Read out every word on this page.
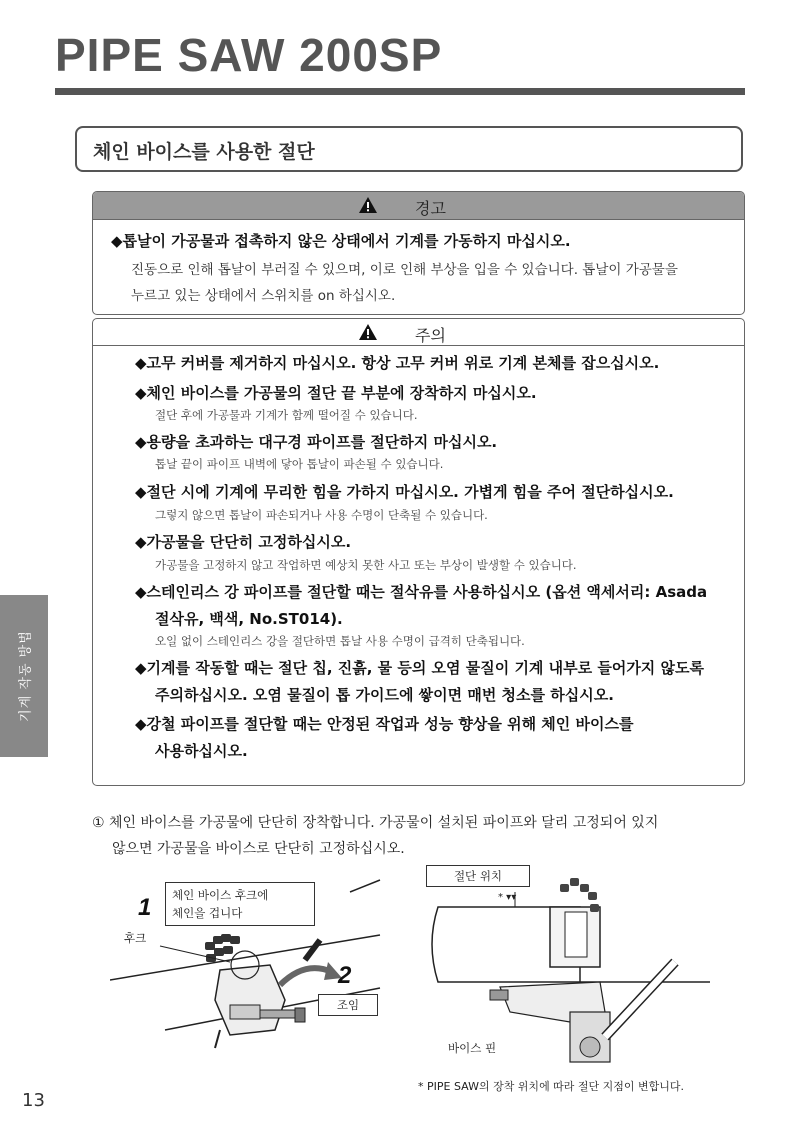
PIPE SAW 200SP
체인 바이스를 사용한 절단
경고
◆톱날이 가공물과 접촉하지 않은 상태에서 기계를 가동하지 마십시오.
진동으로 인해 톱날이 부러질 수 있으며, 이로 인해 부상을 입을 수 있습니다. 톱날이 가공물을
누르고 있는 상태에서 스위치를 on 하십시오.
주의
◆고무 커버를 제거하지 마십시오. 항상 고무 커버 위로 기계 본체를 잡으십시오.
◆체인 바이스를 가공물의 절단 끝 부분에 장착하지 마십시오.
절단 후에 가공물과 기계가 함께 떨어질 수 있습니다.
◆용량을 초과하는 대구경 파이프를 절단하지 마십시오.
톱날 끝이 파이프 내벽에 닿아 톱날이 파손될 수 있습니다.
◆절단 시에 기계에 무리한 힘을 가하지 마십시오. 가볍게 힘을 주어 절단하십시오.
그렇지 않으면 톱날이 파손되거나 사용 수명이 단축될 수 있습니다.
◆가공물을 단단히 고정하십시오.
가공물을 고정하지 않고 작업하면 예상치 못한 사고 또는 부상이 발생할 수 있습니다.
◆스테인리스 강 파이프를 절단할 때는 절삭유를 사용하십시오 (옵션 액세서리: Asada
절삭유, 백색, No.ST014).
오일 없이 스테인리스 강을 절단하면 톱날 사용 수명이 급격히 단축됩니다.
◆기계를 작동할 때는 절단 칩, 진흙, 물 등의 오염 물질이 기계 내부로 들어가지 않도록
주의하십시오. 오염 물질이 톱 가이드에 쌓이면 매번 청소를 하십시오.
◆강철 파이프를 절단할 때는 안정된 작업과 성능 향상을 위해 체인 바이스를
사용하십시오.
기계 작동 방법
① 체인 바이스를 가공물에 단단히 장착합니다. 가공물이 설치된 파이프와 달리 고정되어 있지
않으면 가공물을 바이스로 단단히 고정하십시오.
1 체인 바이스 후크에
체인을 겁니다
후크
2
조임
절단 위치
* ▾▾
바이스 핀
* PIPE SAW의 장착 위치에 따라 절단 지점이 변합니다.
13
